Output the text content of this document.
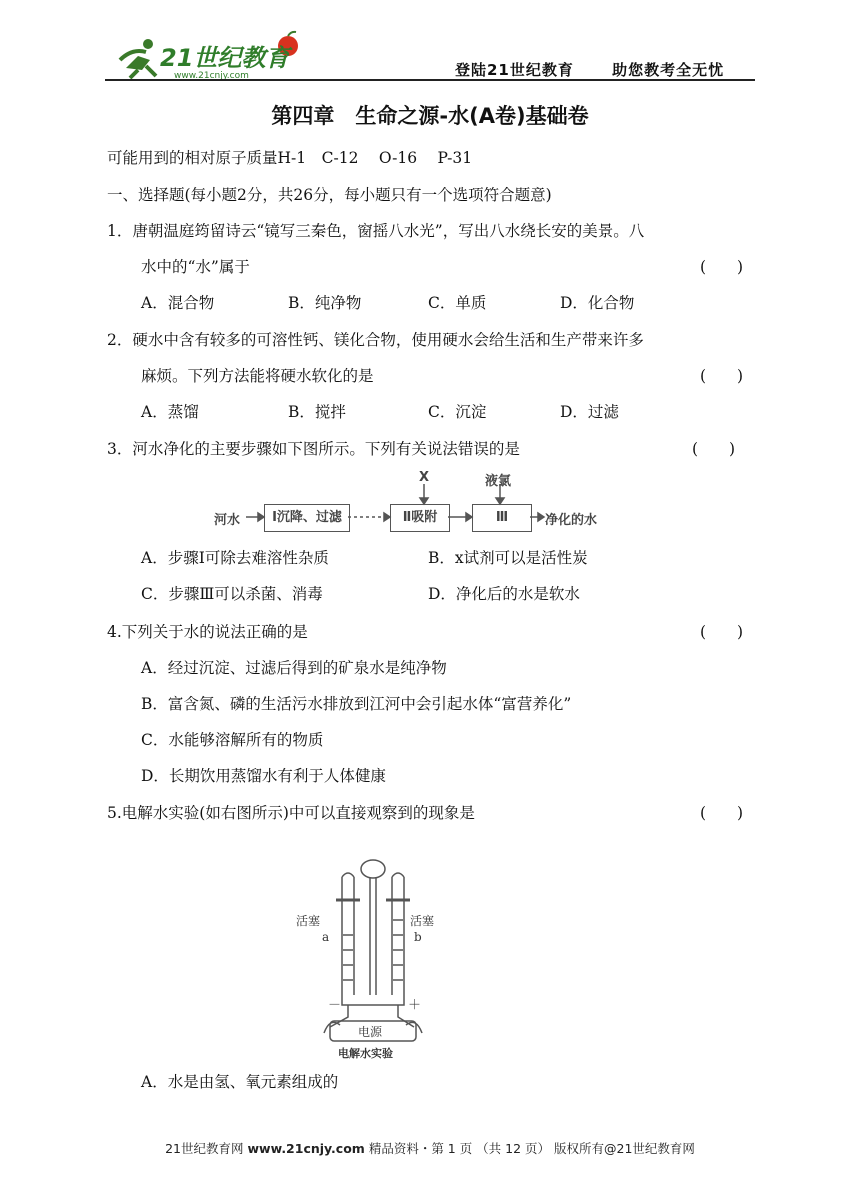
21世纪教育
www.21cnjy.com	登陆21世纪教育	助您教考全无忧
第四章　生命之源-水(A卷)基础卷
可能用到的相对原子质量H-1　C-12　 O-16　 P-31
一、选择题(每小题2分，共26分，每小题只有一个选项符合题意)
1．唐朝温庭筠留诗云“镜写三秦色，窗摇八水光”，写出八水绕长安的美景。八
水中的“水”属于	(　　)
A．混合物	B．纯净物	C．单质	D．化合物
2．硬水中含有较多的可溶性钙、镁化合物，使用硬水会给生活和生产带来许多
麻烦。下列方法能将硬水软化的是	(　　)
A．蒸馏	B．搅拌	C．沉淀	D．过滤
3．河水净化的主要步骤如下图所示。下列有关说法错误的是	(　　)
X	液氯
河水	Ⅰ沉降、过滤	Ⅱ吸附	Ⅲ	净化的水
A．步骤Ⅰ可除去难溶性杂质	B．x试剂可以是活性炭
C．步骤Ⅲ可以杀菌、消毒	D．净化后的水是软水
4.下列关于水的说法正确的是	(　　)
A．经过沉淀、过滤后得到的矿泉水是纯净物
B．富含氮、磷的生活污水排放到江河中会引起水体“富营养化”
C．水能够溶解所有的物质
D．长期饮用蒸馏水有利于人体健康
5.电解水实验(如右图所示)中可以直接观察到的现象是	(　　)
活塞	活塞
a	b
－	＋
电源
电解水实验
A．水是由氢、氧元素组成的
21世纪教育网 www.21cnjy.com 精品资料・第 1 页 （共 12 页） 版权所有@21世纪教育网
